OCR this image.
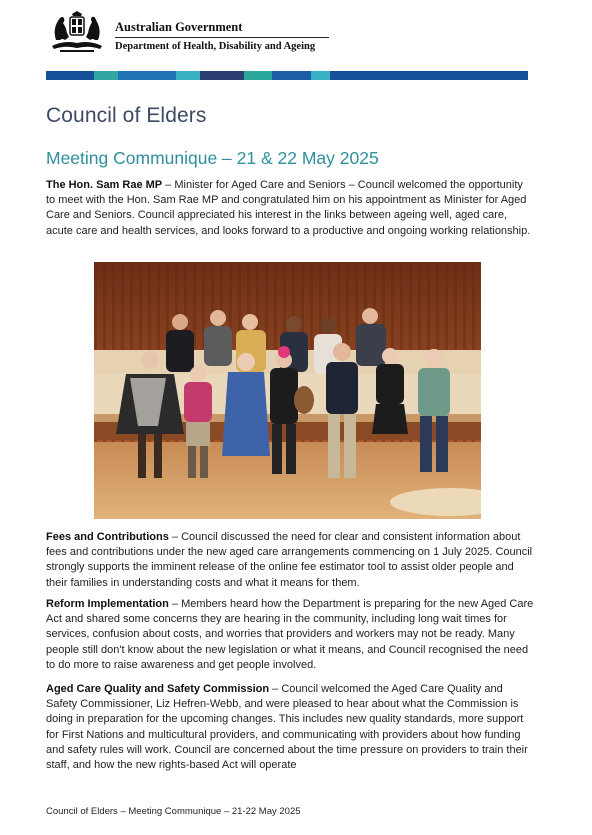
Australian Government
Department of Health, Disability and Ageing
Council of Elders
Meeting Communique – 21 & 22 May 2025

The Hon. Sam Rae MP – Minister for Aged Care and Seniors – Council welcomed the opportunity to meet with the Hon. Sam Rae MP and congratulated him on his appointment as Minister for Aged Care and Seniors. Council appreciated his interest in the links between ageing well, aged care, acute care and health services, and looks forward to a productive and ongoing working relationship.

Fees and Contributions – Council discussed the need for clear and consistent information about fees and contributions under the new aged care arrangements commencing on 1 July 2025. Council strongly supports the imminent release of the online fee estimator tool to assist older people and their families in understanding costs and what it means for them.

Reform Implementation – Members heard how the Department is preparing for the new Aged Care Act and shared some concerns they are hearing in the community, including long wait times for services, confusion about costs, and worries that providers and workers may not be ready. Many people still don't know about the new legislation or what it means, and Council recognised the need to do more to raise awareness and get people involved.

Aged Care Quality and Safety Commission – Council welcomed the Aged Care Quality and Safety Commissioner, Liz Hefren-Webb, and were pleased to hear about what the Commission is doing in preparation for the upcoming changes. This includes new quality standards, more support for First Nations and multicultural providers, and communicating with providers about how funding and safety rules will work. Council are concerned about the time pressure on providers to train their staff, and how the new rights-based Act will operate

Council of Elders – Meeting Communique – 21-22 May 2025
